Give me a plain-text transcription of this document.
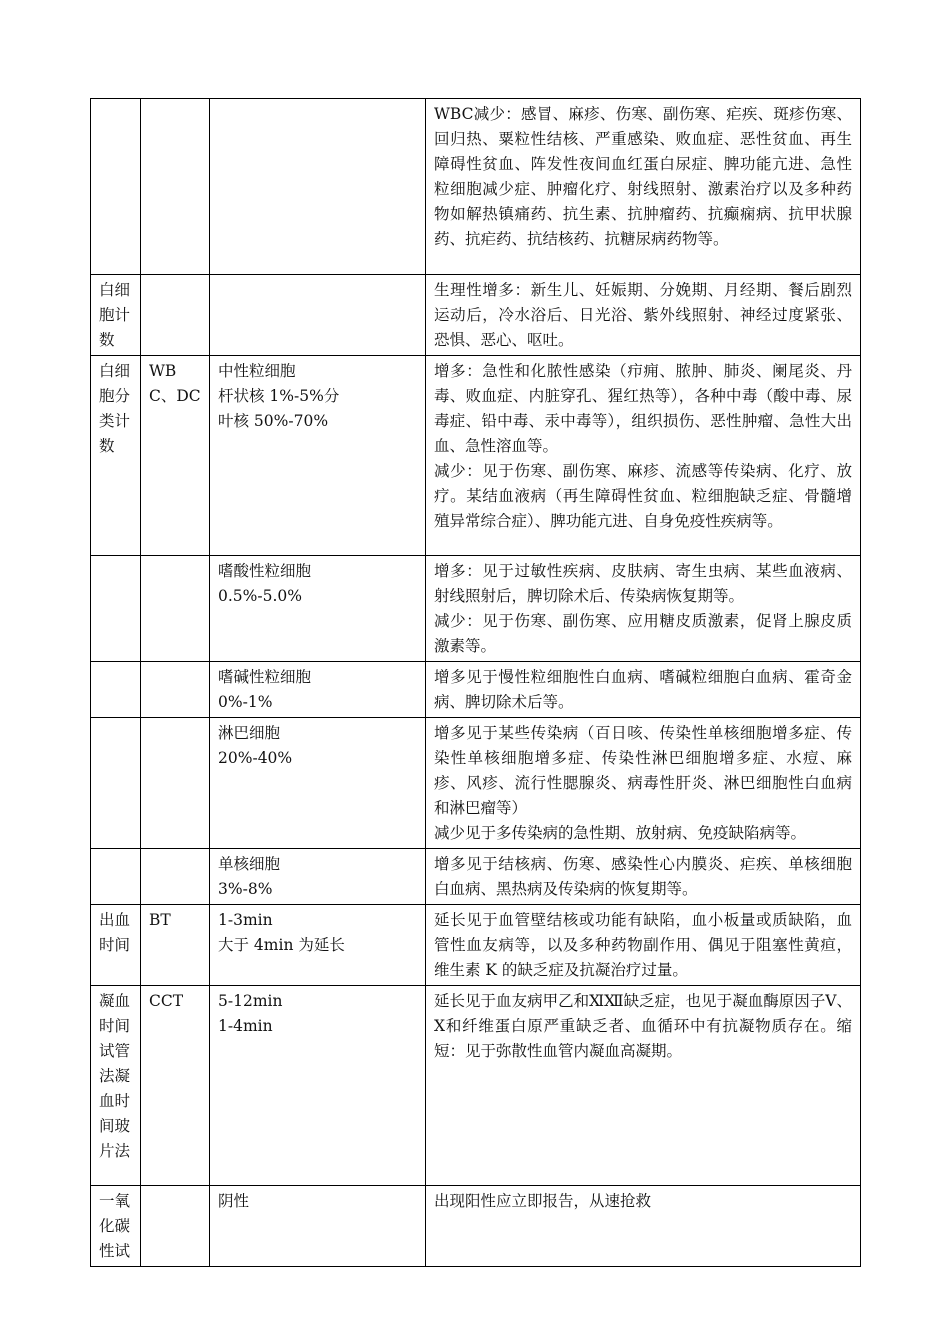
			WBC减少：感冒、麻疹、伤寒、副伤寒、疟疾、斑疹伤寒、回归热、粟粒性结核、严重感染、败血症、恶性贫血、再生障碍性贫血、阵发性夜间血红蛋白尿症、脾功能亢进、急性粒细胞减少症、肿瘤化疗、射线照射、激素治疗以及多种药物如解热镇痛药、抗生素、抗肿瘤药、抗癫痫病、抗甲状腺药、抗疟药、抗结核药、抗糖尿病药物等。

白细胞计数			生理性增多：新生儿、妊娠期、分娩期、月经期、餐后剧烈运动后，冷水浴后、日光浴、紫外线照射、神经过度紧张、恐惧、恶心、呕吐。

白细胞分类计数	WBC、DC	中性粒细胞
杆状核 1%-5%分
叶核 50%-70%	增多：急性和化脓性感染（疖痈、脓肿、肺炎、阑尾炎、丹毒、败血症、内脏穿孔、猩红热等），各种中毒（酸中毒、尿毒症、铅中毒、汞中毒等），组织损伤、恶性肿瘤、急性大出血、急性溶血等。
减少：见于伤寒、副伤寒、麻疹、流感等传染病、化疗、放疗。某结血液病（再生障碍性贫血、粒细胞缺乏症、骨髓增殖异常综合症）、脾功能亢进、自身免疫性疾病等。

		嗜酸性粒细胞
0.5%-5.0%	增多：见于过敏性疾病、皮肤病、寄生虫病、某些血液病、射线照射后，脾切除术后、传染病恢复期等。
减少：见于伤寒、副伤寒、应用糖皮质激素，促肾上腺皮质激素等。

		嗜碱性粒细胞
0%-1%	增多见于慢性粒细胞性白血病、嗜碱粒细胞白血病、霍奇金病、脾切除术后等。

		淋巴细胞
20%-40%	增多见于某些传染病（百日咳、传染性单核细胞增多症、传染性单核细胞增多症、传染性淋巴细胞增多症、水痘、麻疹、风疹、流行性腮腺炎、病毒性肝炎、淋巴细胞性白血病和淋巴瘤等）
减少见于多传染病的急性期、放射病、免疫缺陷病等。

		单核细胞
3%-8%	增多见于结核病、伤寒、感染性心内膜炎、疟疾、单核细胞白血病、黑热病及传染病的恢复期等。

出血时间	BT	1-3min
大于 4min 为延长	延长见于血管壁结核或功能有缺陷，血小板量或质缺陷，血管性血友病等，以及多种药物副作用、偶见于阻塞性黄疸，维生素 K 的缺乏症及抗凝治疗过量。

凝血时间试管法凝血时间玻片法	CCT	5-12min
1-4min	延长见于血友病甲乙和ⅪⅫ缺乏症，也见于凝血酶原因子Ⅴ、Ⅹ和纤维蛋白原严重缺乏者、血循环中有抗凝物质存在。缩短：见于弥散性血管内凝血高凝期。

一氧化碳性试		阴性	出现阳性应立即报告，从速抢救
